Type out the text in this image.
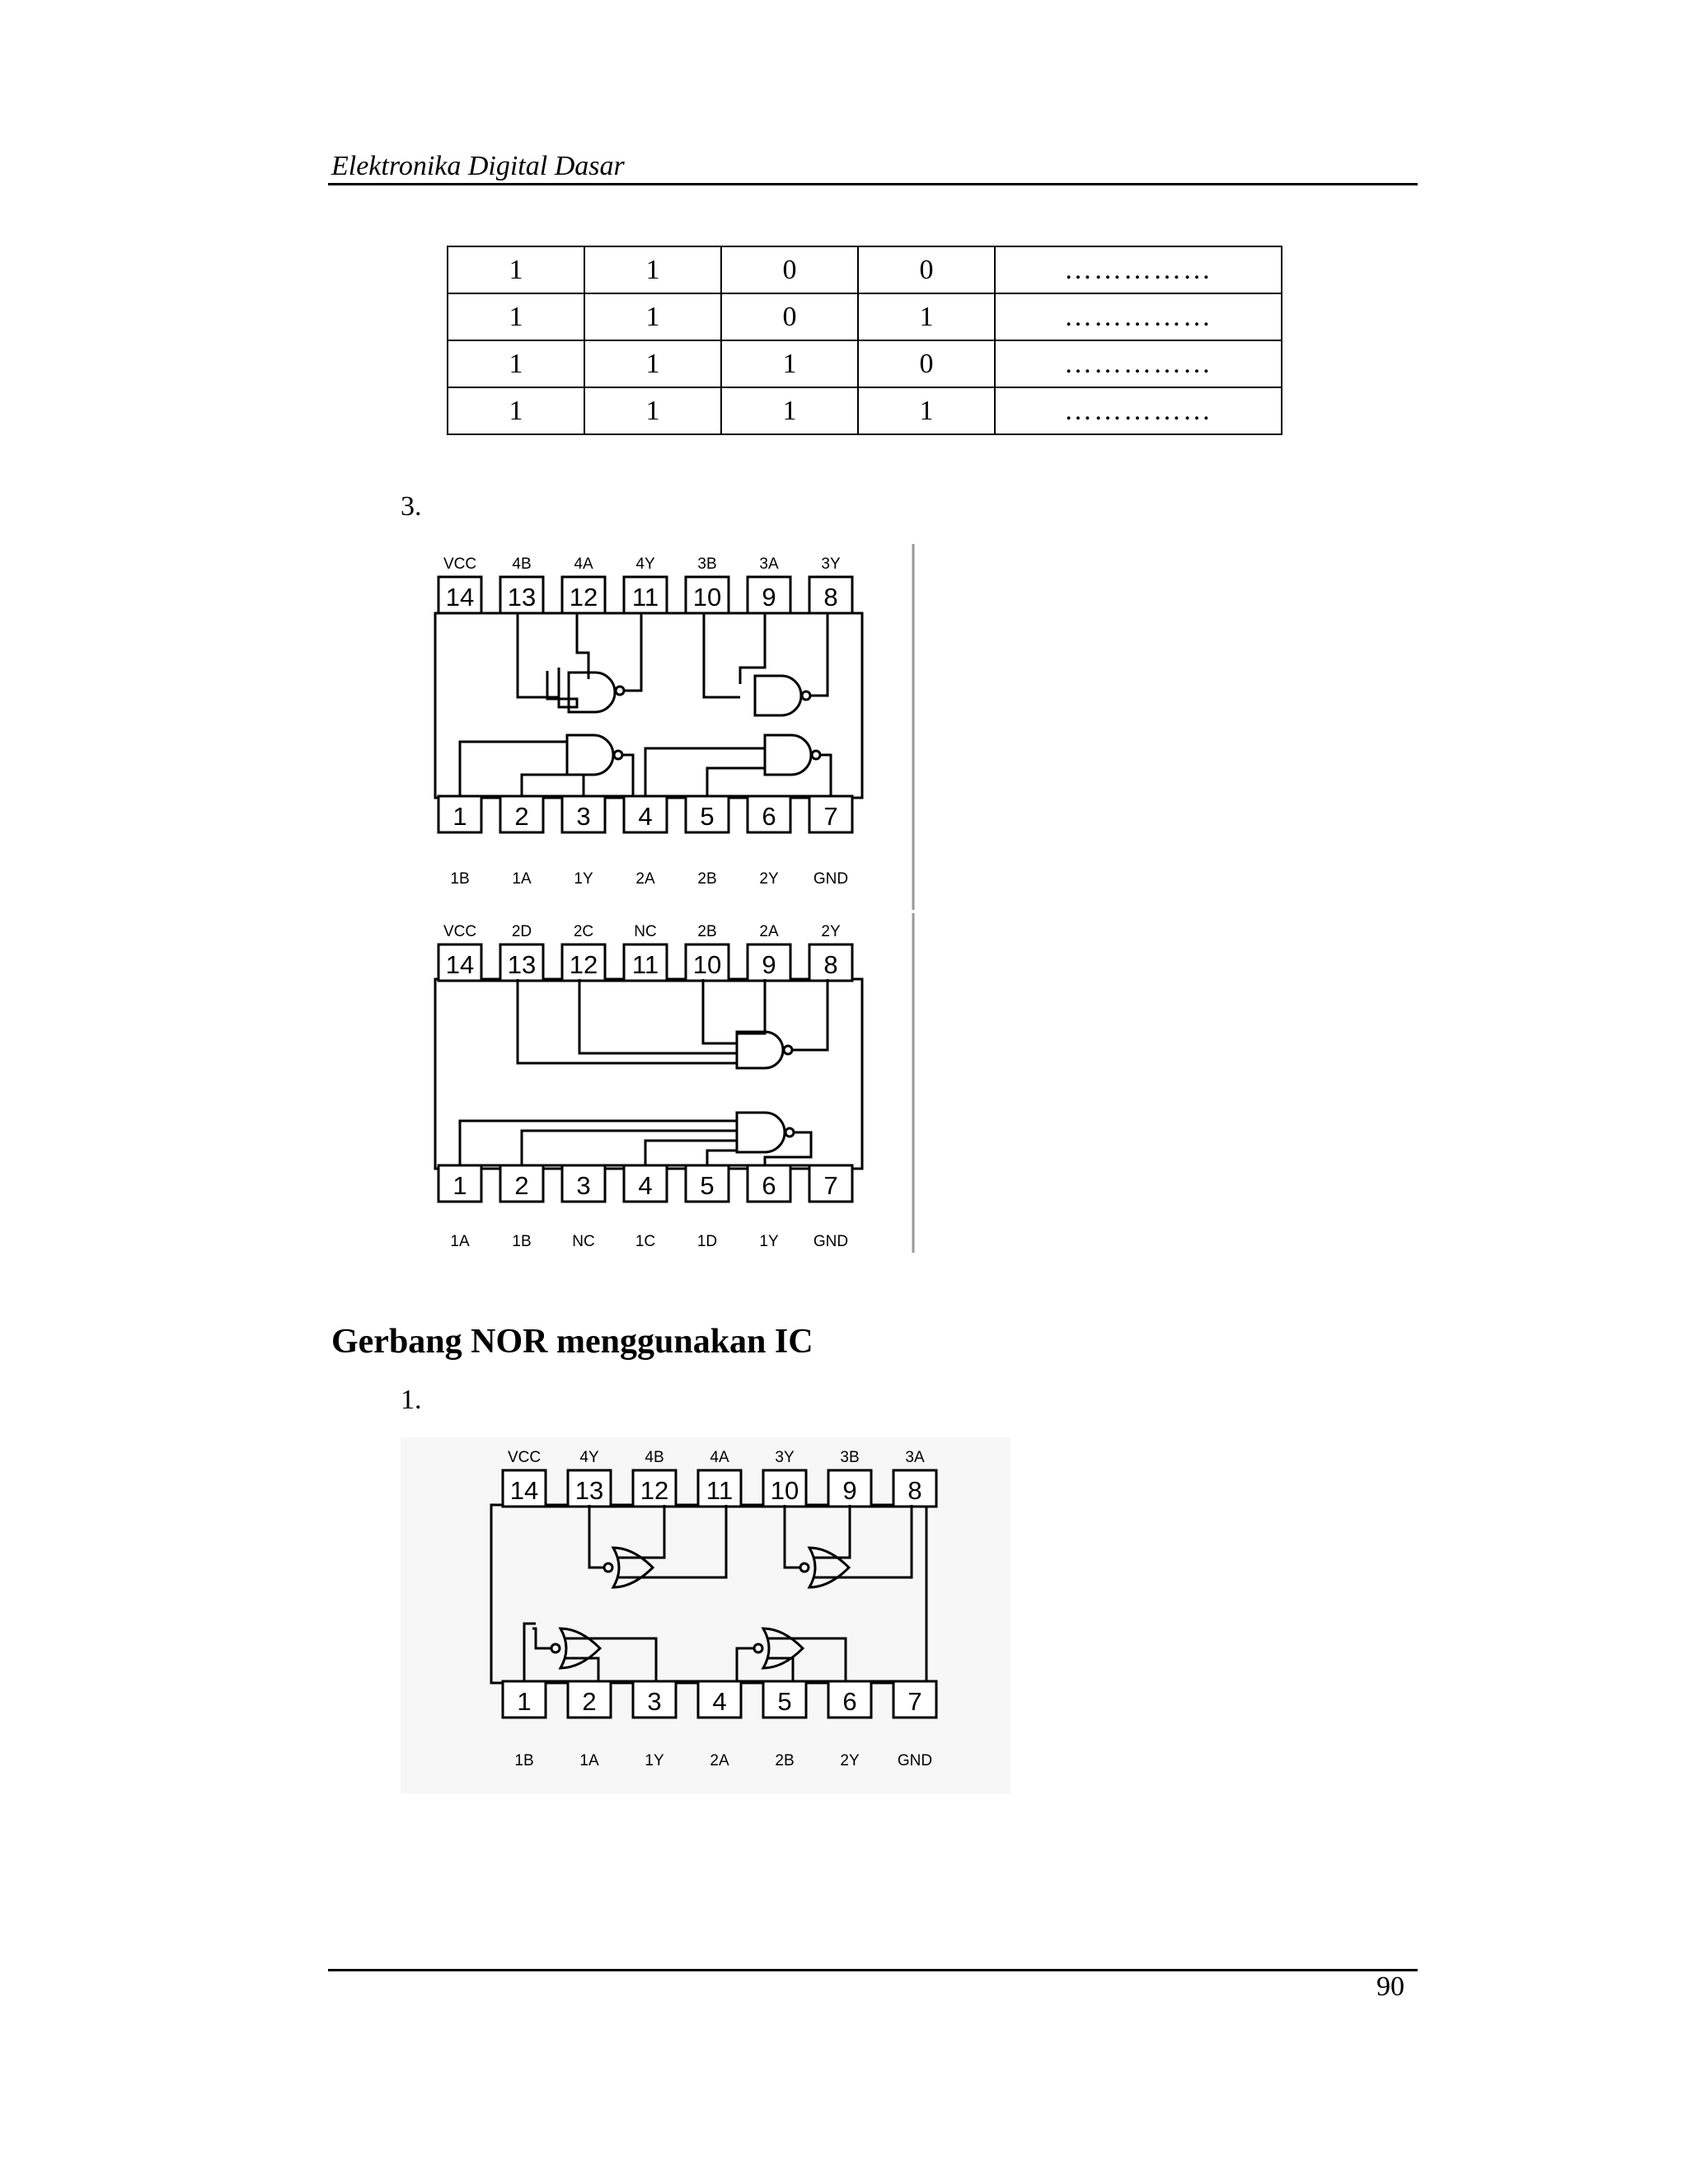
Elektronika Digital Dasar
1	1	0	0	……………
1	1	0	1	……………
1	1	1	0	……………
1	1	1	1	……………
3.
14
VCC
13
4B
12
4A
11
4Y
10
3B
9
3A
8
3Y
1
1B
2
1A
3
1Y
4
2A
5
2B
6
2Y
7
GND
14
VCC
13
2D
12
2C
11
NC
10
2B
9
2A
8
2Y
1
1A
2
1B
3
NC
4
1C
5
1D
6
1Y
7
GND
Gerbang NOR menggunakan IC
1.
14
VCC
13
4Y
12
4B
11
4A
10
3Y
9
3B
8
3A
1
1B
2
1A
3
1Y
4
2A
5
2B
6
2Y
7
GND
90
